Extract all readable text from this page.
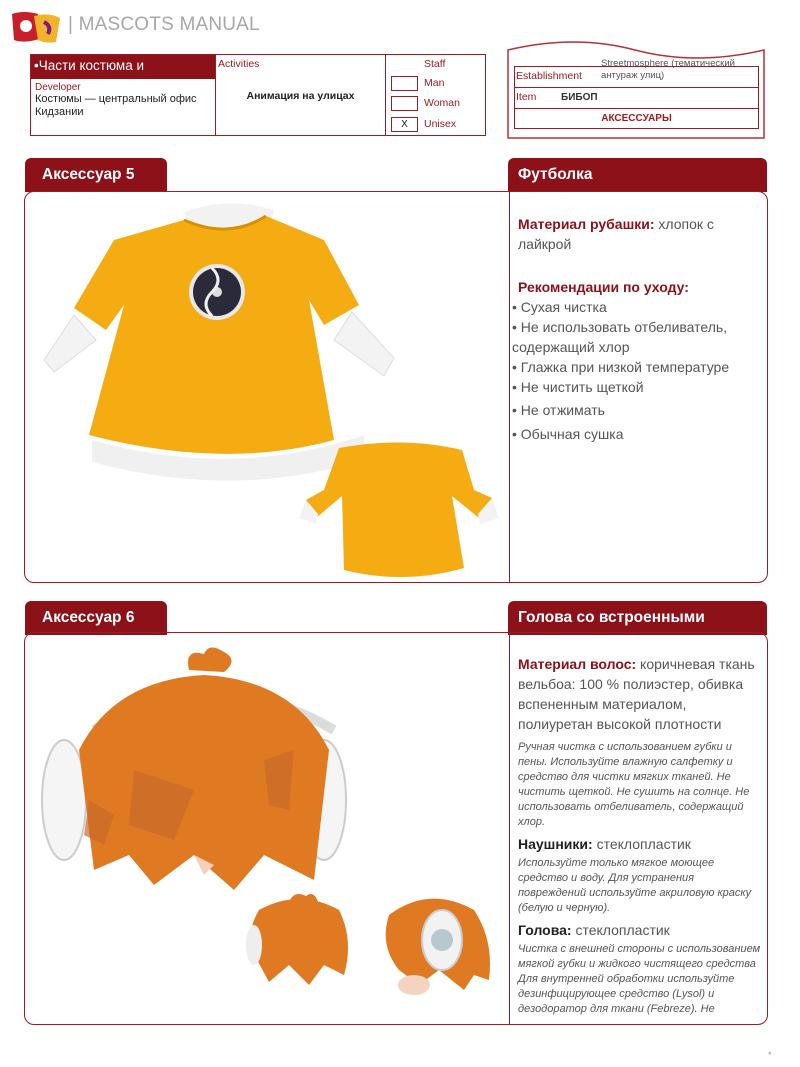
| MASCOTS MANUAL
•Части костюма и
Developer
Костюмы — центральный офис Кидзании
Activities
Анимация на улицах
Staff
Man
Woman
X	Unisex
Establishment
Streetmosphere (тематический антураж улиц)
Item БИБОП
АКСЕССУАРЫ
Аксессуар 5	Футболка
Материал рубашки: хлопок с лайкрой
Рекомендации по уходу:
• Сухая чистка
• Не использовать отбеливатель, содержащий хлор
• Глажка при низкой температуре
• Не чистить щеткой
• Не отжимать
• Обычная сушка
Аксессуар 6	Голова со встроенными
Материал волос: коричневая ткань вельбоа: 100 % полиэстер, обивка вспененным материалом, полиуретан высокой плотности
Ручная чистка с использованием губки и пены. Используйте влажную салфетку и средство для чистки мягких тканей. Не чистить щеткой. Не сушить на солнце. Не использовать отбеливатель, содержащий хлор.
Наушники: стеклопластик
Используйте только мягкое моющее средство и воду. Для устранения повреждений используйте акриловую краску (белую и черную).
Голова: стеклопластик
Чистка с внешней стороны с использованием мягкой губки и жидкого чистящего средства Для внутренней обработки используйте дезинфицирующее средство (Lysol) и дезодоратор для ткани (Febreze). Не
*
